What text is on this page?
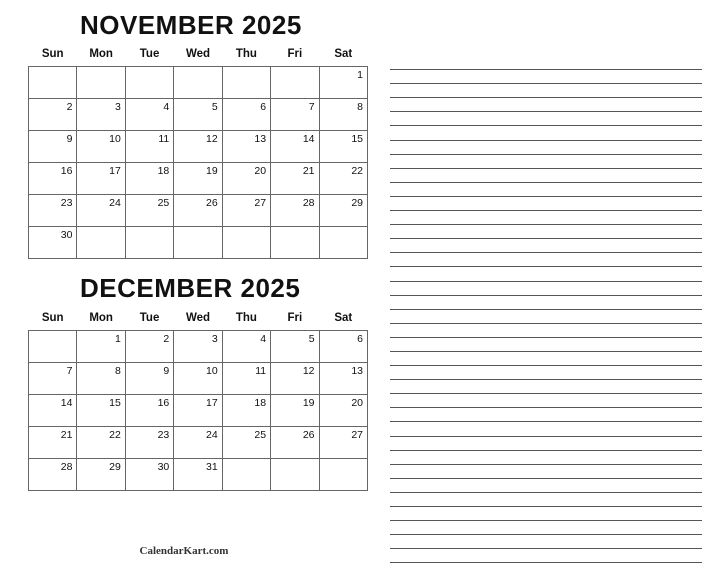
NOVEMBER 2025
Sun	Mon	Tue	Wed	Thu	Fri	Sat
						1
2	3	4	5	6	7	8
9	10	11	12	13	14	15
16	17	18	19	20	21	22
23	24	25	26	27	28	29
30						
DECEMBER 2025
Sun	Mon	Tue	Wed	Thu	Fri	Sat
	1	2	3	4	5	6
7	8	9	10	11	12	13
14	15	16	17	18	19	20
21	22	23	24	25	26	27
28	29	30	31			
CalendarKart.com
